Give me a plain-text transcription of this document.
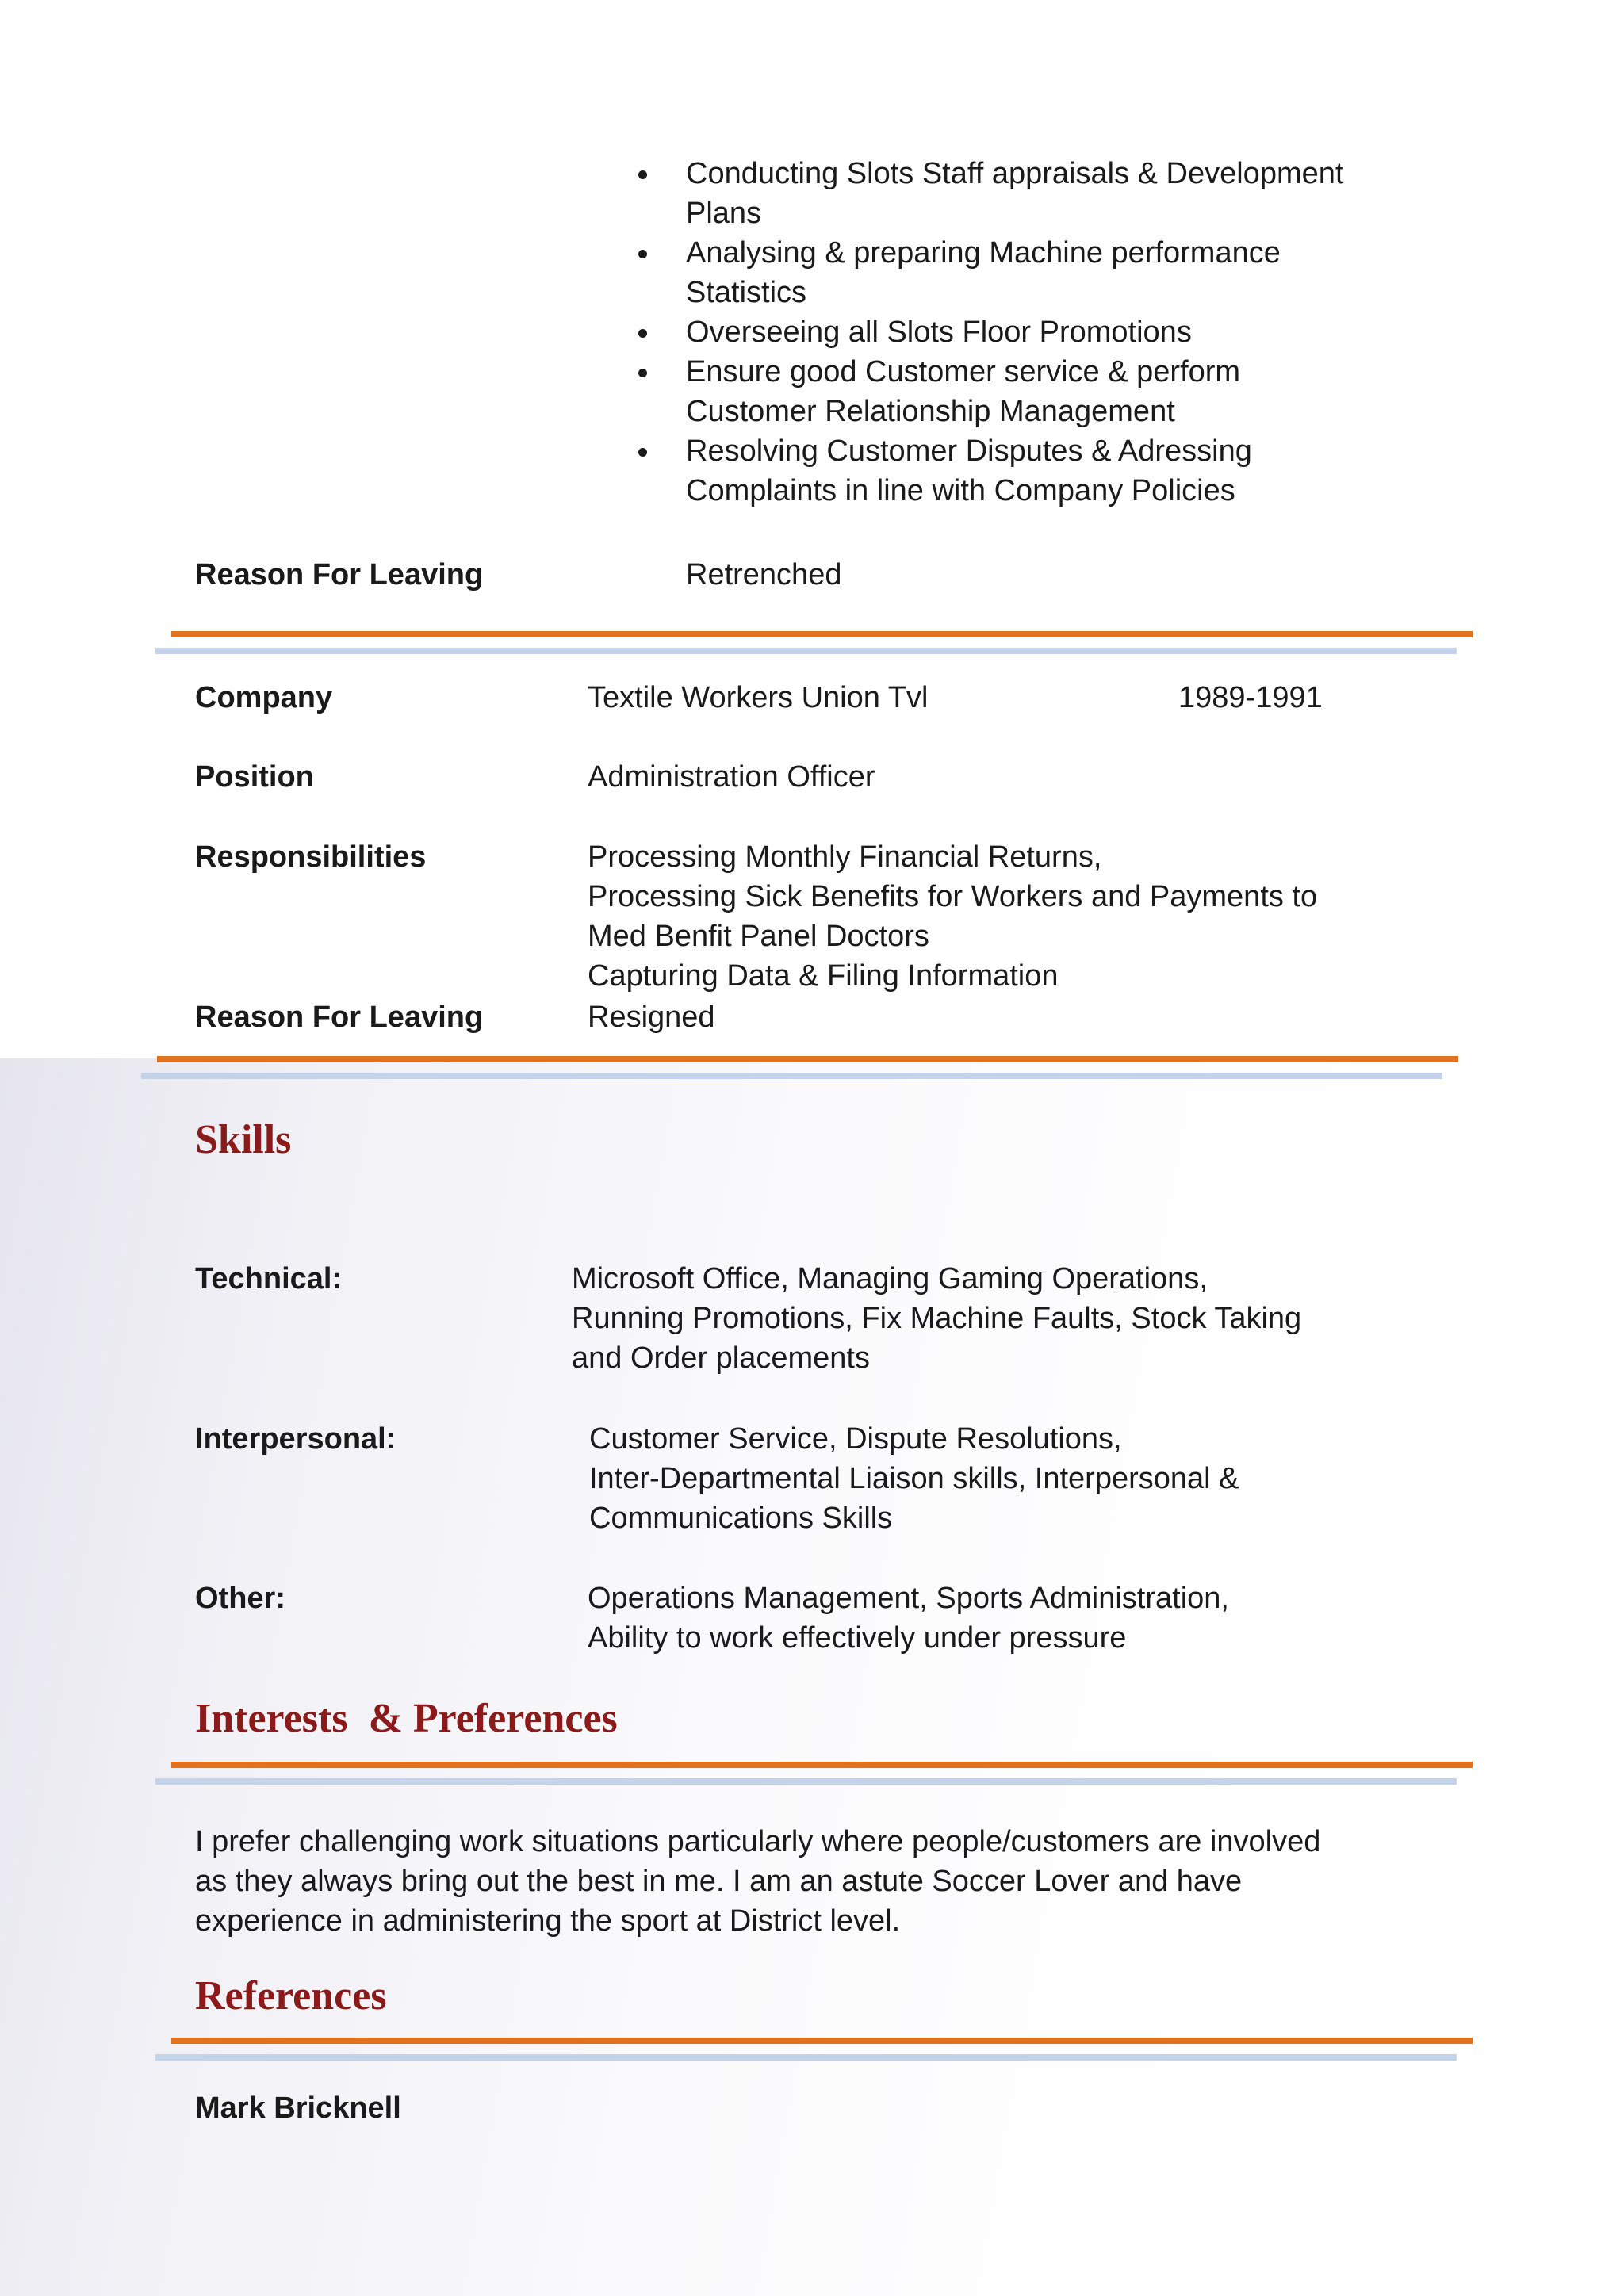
Conducting Slots Staff appraisals & Development
Plans
Analysing & preparing Machine performance
Statistics
Overseeing all Slots Floor Promotions
Ensure good Customer service & perform
Customer Relationship Management
Resolving Customer Disputes & Adressing
Complaints in line with Company Policies
Reason For Leaving	Retrenched
Company	Textile Workers Union Tvl	1989-1991
Position	Administration Officer
Responsibilities	Processing Monthly Financial Returns,
Processing Sick Benefits for Workers and Payments to
Med Benfit Panel Doctors
Capturing Data & Filing Information
Reason For Leaving	Resigned
Skills
Technical:	Microsoft Office, Managing Gaming Operations,
Running Promotions, Fix Machine Faults, Stock Taking
and Order placements
Interpersonal:	Customer Service, Dispute Resolutions,
Inter-Departmental Liaison skills, Interpersonal &
Communications Skills
Other:	Operations Management, Sports Administration,
Ability to work effectively under pressure
Interests  & Preferences
I prefer challenging work situations particularly where people/customers are involved
as they always bring out the best in me. I am an astute Soccer Lover and have
experience in administering the sport at District level.
References
Mark Bricknell
